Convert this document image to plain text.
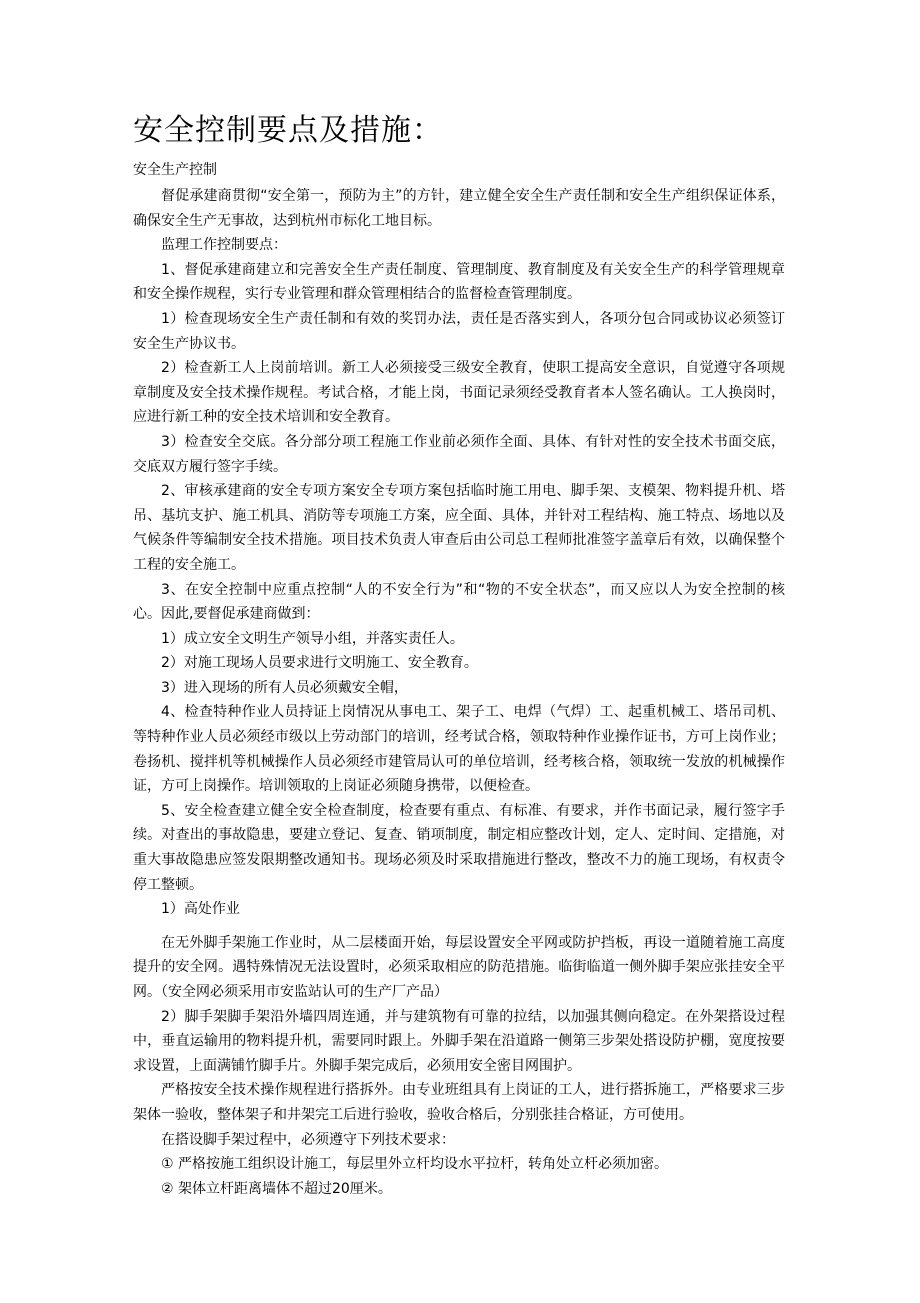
安全控制要点及措施：
安全生产控制

督促承建商贯彻“安全第一，预防为主”的方针，建立健全安全生产责任制和安全生产组织保证体系，确保安全生产无事故，达到杭州市标化工地目标。

监理工作控制要点：

1、督促承建商建立和完善安全生产责任制度、管理制度、教育制度及有关安全生产的科学管理规章和安全操作规程，实行专业管理和群众管理相结合的监督检查管理制度。

1）检查现场安全生产责任制和有效的奖罚办法，责任是否落实到人，各项分包合同或协议必须签订安全生产协议书。

2）检查新工人上岗前培训。新工人必须接受三级安全教育，使职工提高安全意识，自觉遵守各项规章制度及安全技术操作规程。考试合格，才能上岗，书面记录须经受教育者本人签名确认。工人换岗时，应进行新工种的安全技术培训和安全教育。

3）检查安全交底。各分部分项工程施工作业前必须作全面、具体、有针对性的安全技术书面交底，交底双方履行签字手续。

2、审核承建商的安全专项方案安全专项方案包括临时施工用电、脚手架、支模架、物料提升机、塔吊、基坑支护、施工机具、消防等专项施工方案，应全面、具体，并针对工程结构、施工特点、场地以及气候条件等编制安全技术措施。项目技术负责人审查后由公司总工程师批准签字盖章后有效，以确保整个工程的安全施工。

3、在安全控制中应重点控制“人的不安全行为”和“物的不安全状态”，而又应以人为安全控制的核心。因此,要督促承建商做到：

1）成立安全文明生产领导小组，并落实责任人。

2）对施工现场人员要求进行文明施工、安全教育。

3）进入现场的所有人员必须戴安全帽，

4、检查特种作业人员持证上岗情况从事电工、架子工、电焊（气焊）工、起重机械工、塔吊司机、等特种作业人员必须经市级以上劳动部门的培训，经考试合格，领取特种作业操作证书，方可上岗作业；卷扬机、搅拌机等机械操作人员必须经市建管局认可的单位培训，经考核合格，领取统一发放的机械操作证，方可上岗操作。培训领取的上岗证必须随身携带，以便检查。

5、安全检查建立健全安全检查制度，检查要有重点、有标准、有要求，并作书面记录，履行签字手续。对查出的事故隐患，要建立登记、复查、销项制度，制定相应整改计划，定人、定时间、定措施，对重大事故隐患应签发限期整改通知书。现场必须及时采取措施进行整改，整改不力的施工现场，有权责令停工整顿。

1）高处作业

在无外脚手架施工作业时，从二层楼面开始，每层设置安全平网或防护挡板，再设一道随着施工高度提升的安全网。遇特殊情况无法设置时，必须采取相应的防范措施。临街临道一侧外脚手架应张挂安全平网。（安全网必须采用市安监站认可的生产厂产品）

2）脚手架脚手架沿外墙四周连通，并与建筑物有可靠的拉结，以加强其侧向稳定。在外架搭设过程中，垂直运输用的物料提升机，需要同时跟上。外脚手架在沿道路一侧第三步架处搭设防护棚，宽度按要求设置，上面满铺竹脚手片。外脚手架完成后，必须用安全密目网围护。

严格按安全技术操作规程进行搭拆外。由专业班组具有上岗证的工人，进行搭拆施工，严格要求三步架体一验收，整体架子和井架完工后进行验收，验收合格后，分别张挂合格证，方可使用。

在搭设脚手架过程中，必须遵守下列技术要求：

① 严格按施工组织设计施工，每层里外立杆均设水平拉杆，转角处立杆必须加密。

② 架体立杆距离墙体不超过20厘米。
